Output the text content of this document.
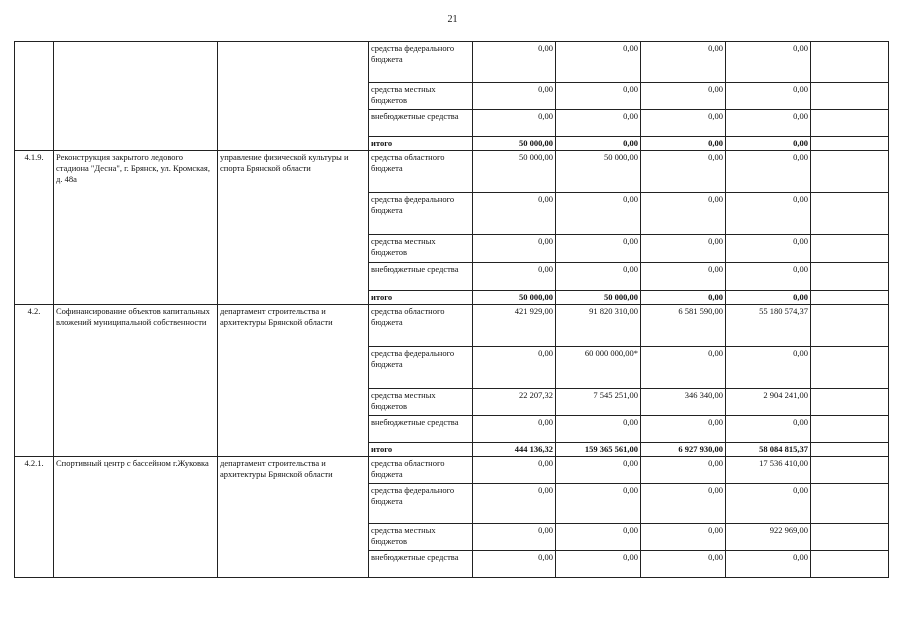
21
			средства федерального бюджета	0,00	0,00	0,00	0,00	
			средства местных бюджетов	0,00	0,00	0,00	0,00	
			внебюджетные средства	0,00	0,00	0,00	0,00	
			итого	50 000,00	0,00	0,00	0,00	
4.1.9.	Реконструкция закрытого ледового стадиона "Десна", г. Брянск, ул. Кромская, д. 48а	управление физической культуры и спорта Брянской области	средства областного бюджета	50 000,00	50 000,00	0,00	0,00	
			средства федерального бюджета	0,00	0,00	0,00	0,00	
			средства местных бюджетов	0,00	0,00	0,00	0,00	
			внебюджетные средства	0,00	0,00	0,00	0,00	
			итого	50 000,00	50 000,00	0,00	0,00	
4.2.	Софинансирование объектов капитальных вложений муниципальной собственности	департамент строительства и архитектуры Брянской области	средства областного бюджета	421 929,00	91 820 310,00	6 581 590,00	55 180 574,37	
			средства федерального бюджета	0,00	60 000 000,00*	0,00	0,00	
			средства местных бюджетов	22 207,32	7 545 251,00	346 340,00	2 904 241,00	
			внебюджетные средства	0,00	0,00	0,00	0,00	
			итого	444 136,32	159 365 561,00	6 927 930,00	58 084 815,37	
4.2.1.	Спортивный центр с бассейном г.Жуковка	департамент строительства и архитектуры Брянской области	средства областного бюджета	0,00	0,00	0,00	17 536 410,00	
			средства федерального бюджета	0,00	0,00	0,00	0,00	
			средства местных бюджетов	0,00	0,00	0,00	922 969,00	
			внебюджетные средства	0,00	0,00	0,00	0,00	
